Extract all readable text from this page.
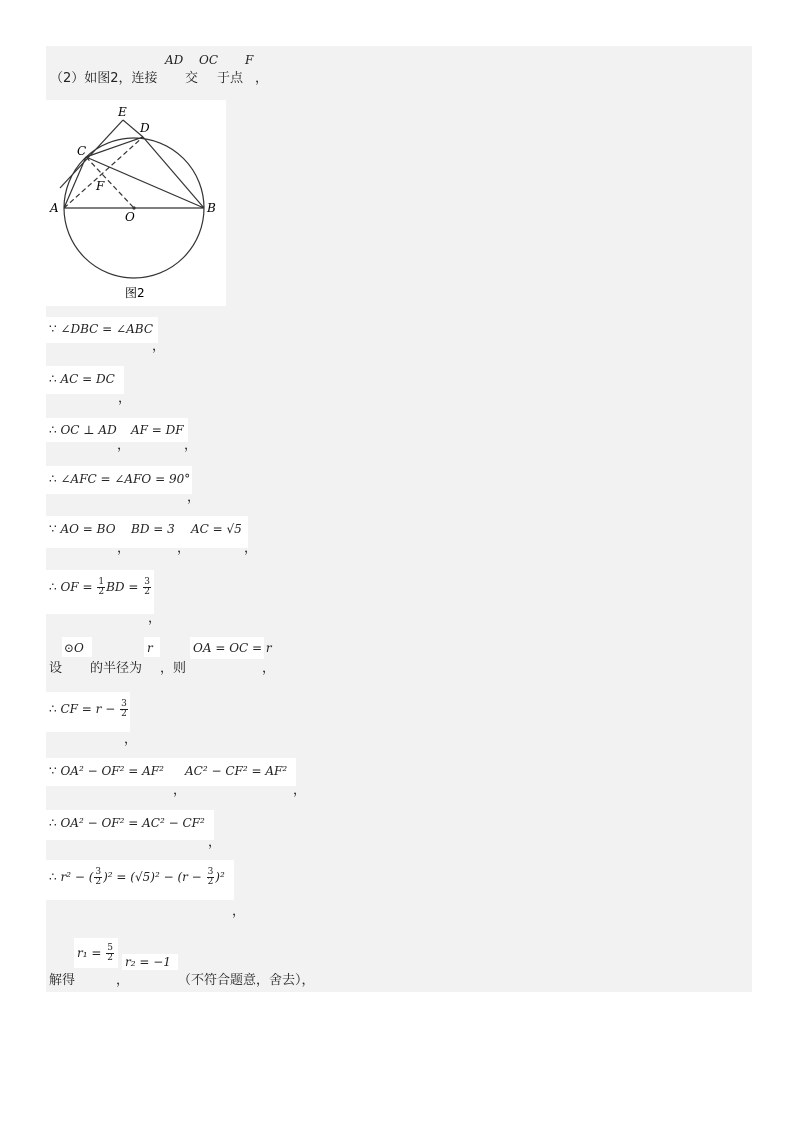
（2）如图2，连接
AD
交
OC
于点
F
，
E
D
C
F
A
O
B
图2
∵ ∠DBC = ∠ABC
，
∴ AC = DC
，
∴ OC ⊥ AD
，
AF = DF
，
∴ ∠AFC = ∠AFO = 90°
，
∵ AO = BO
，
BD = 3
，
AC = √5
，
∴ OF = $\frac{1}{2}$ BD = $\frac{3}{2}$
，
设
⊙O
的半径为
r
，则
OA = OC = r
，
∴ CF = $r - \frac{3}{2}$
，
∵ OA² − OF² = AF²
，
AC² − CF² = AF²
，
∴ OA² − OF² = AC² − CF²
，
∴ r² − ( $\frac{3}{2} )^2 = (√5)^2 - (r - \frac{3}{2} )^2$
，
解得
$r_1 = \frac{5}{2}$
，
r₂ = −1
（不符合题意，舍去），
